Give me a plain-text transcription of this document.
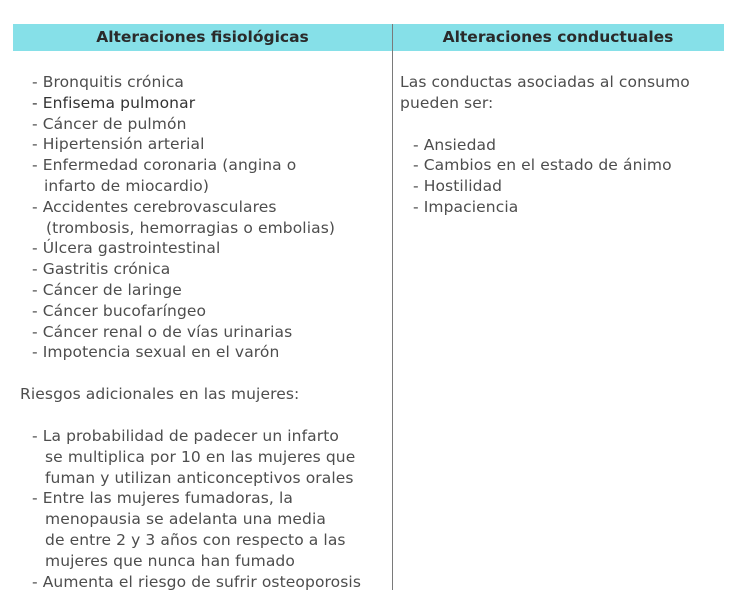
Alteraciones fisiológicas	Alteraciones conductuales
- Bronquitis crónica
- Enfisema pulmonar
- Cáncer de pulmón
- Hipertensión arterial
- Enfermedad coronaria (angina o
infarto de miocardio)
- Accidentes cerebrovasculares
(trombosis, hemorragias o embolias)
- Úlcera gastrointestinal
- Gastritis crónica
- Cáncer de laringe
- Cáncer bucofaríngeo
- Cáncer renal o de vías urinarias
- Impotencia sexual en el varón
Riesgos adicionales en las mujeres:
- La probabilidad de padecer un infarto
se multiplica por 10 en las mujeres que
fuman y utilizan anticonceptivos orales
- Entre las mujeres fumadoras, la
menopausia se adelanta una media
de entre 2 y 3 años con respecto a las
mujeres que nunca han fumado
- Aumenta el riesgo de sufrir osteoporosis
Las conductas asociadas al consumo
pueden ser:
- Ansiedad
- Cambios en el estado de ánimo
- Hostilidad
- Impaciencia
